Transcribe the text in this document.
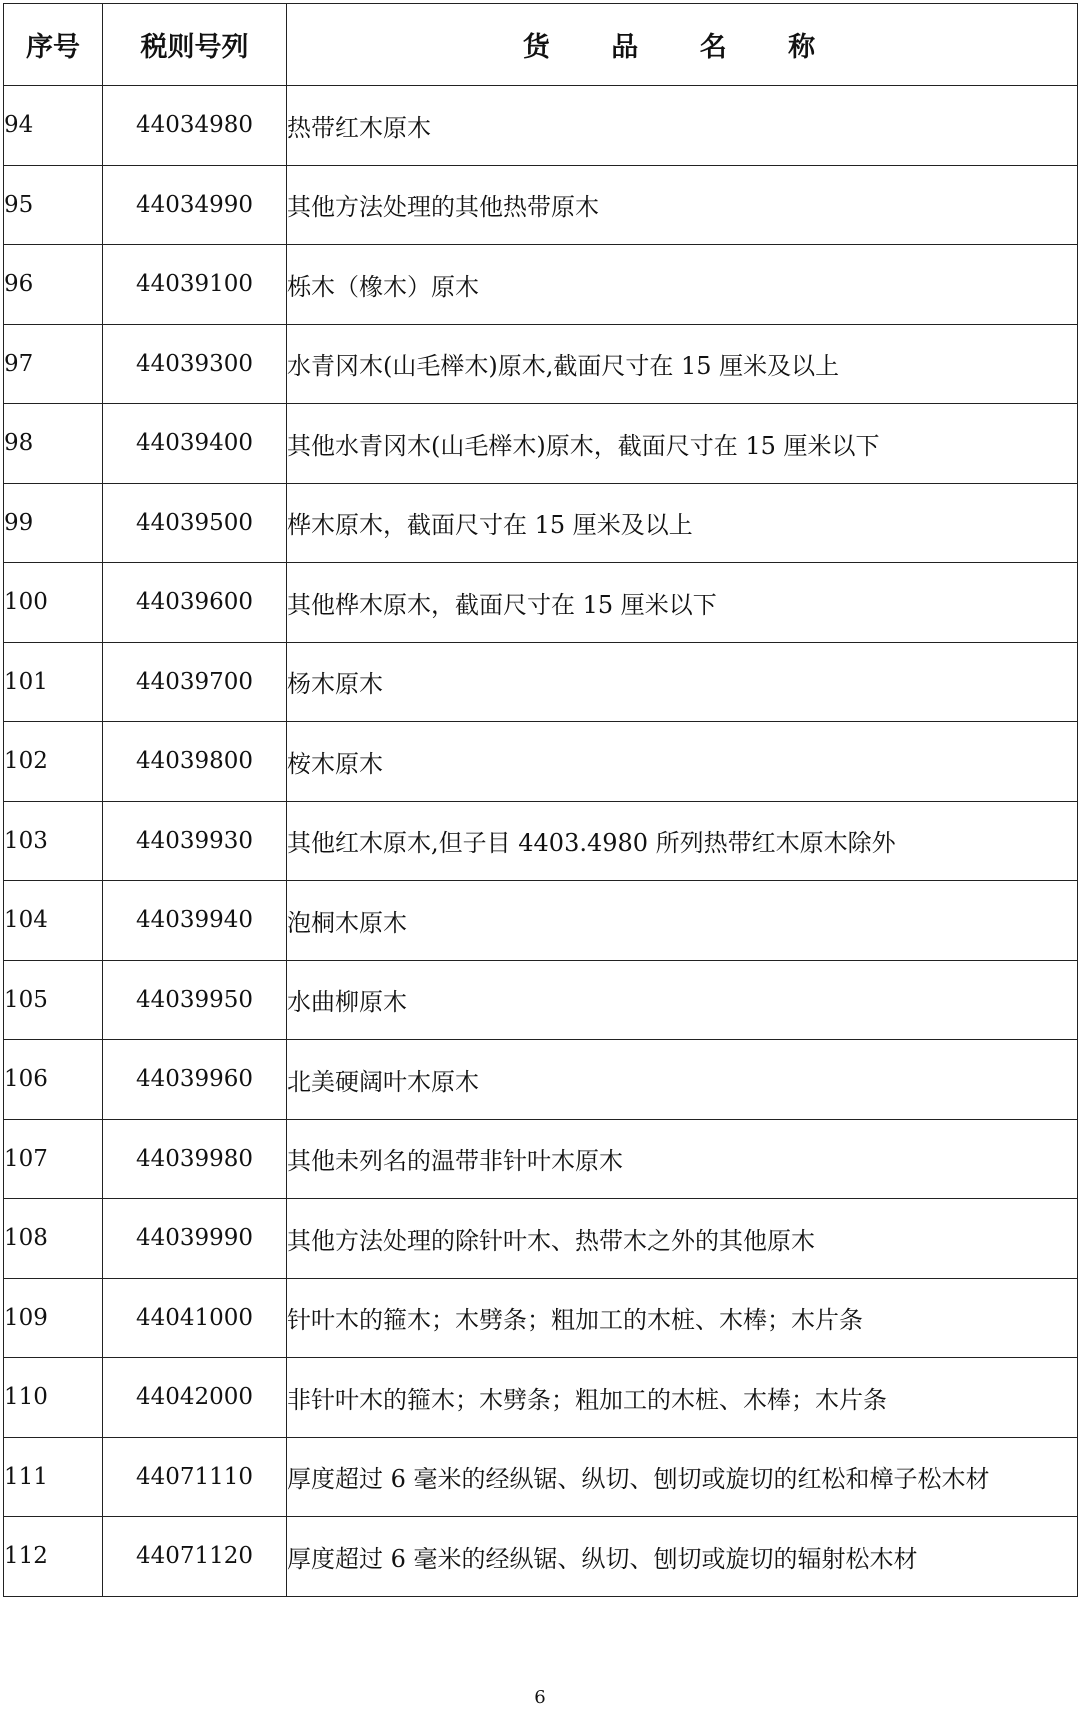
序号	税则号列	货 品 名 称
94	44034980	热带红木原木
95	44034990	其他方法处理的其他热带原木
96	44039100	栎木（橡木）原木
97	44039300	水青冈木(山毛榉木)原木,截面尺寸在 15 厘米及以上
98	44039400	其他水青冈木(山毛榉木)原木，截面尺寸在 15 厘米以下
99	44039500	桦木原木，截面尺寸在 15 厘米及以上
100	44039600	其他桦木原木，截面尺寸在 15 厘米以下
101	44039700	杨木原木
102	44039800	桉木原木
103	44039930	其他红木原木,但子目 4403.4980 所列热带红木原木除外
104	44039940	泡桐木原木
105	44039950	水曲柳原木
106	44039960	北美硬阔叶木原木
107	44039980	其他未列名的温带非针叶木原木
108	44039990	其他方法处理的除针叶木、热带木之外的其他原木
109	44041000	针叶木的箍木；木劈条；粗加工的木桩、木棒；木片条
110	44042000	非针叶木的箍木；木劈条；粗加工的木桩、木棒；木片条
111	44071110	厚度超过 6 毫米的经纵锯、纵切、刨切或旋切的红松和樟子松木材
112	44071120	厚度超过 6 毫米的经纵锯、纵切、刨切或旋切的辐射松木材
6
